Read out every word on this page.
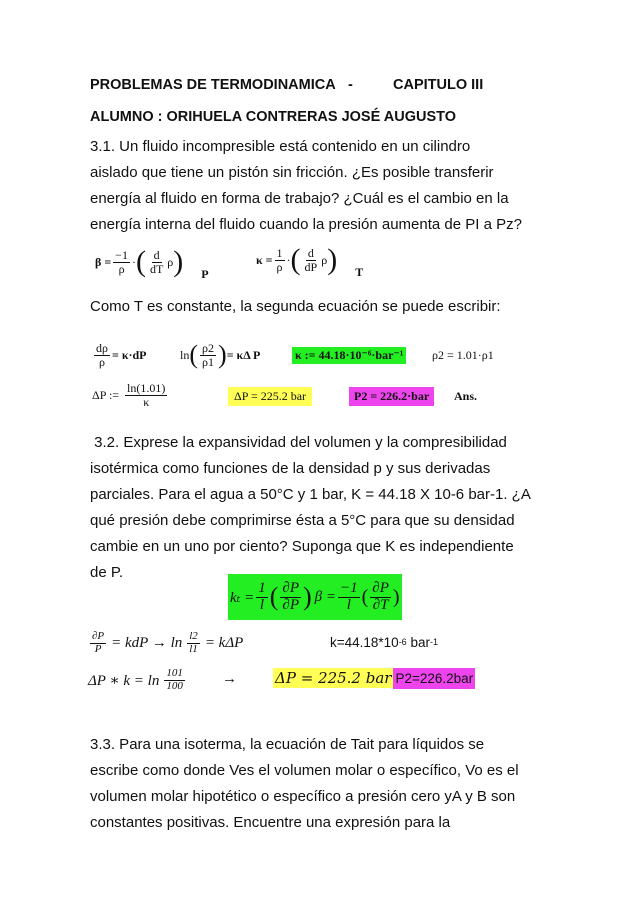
PROBLEMAS DE TERMODINAMICA -	CAPITULO III
ALUMNO : ORIHUELA CONTRERAS JOSÉ AUGUSTO
3.1. Un fluido incompresible está contenido en un cilindro
aislado que tiene un pistón sin fricción. ¿Es posible transferir
energía al fluido en forma de trabajo? ¿Cuál es el cambio en la
energía interna del fluido cuando la presión aumenta de PI a Pz?
$\beta = \frac{-1}{\rho}$ · ( $\frac{d}{dT}$ ρ ) P
$\kappa = \frac{1}{\rho}$ · ( $\frac{d}{dP}$ ρ ) T
Como T es constante, la segunda ecuación se puede escribir:
$\frac{d\rho}{\rho} = \kappa\cdot dP$	ln ( $\frac{\rho 2}{\rho 1}$ ) = κΔ P	κ := 44.18·10⁻⁶·bar⁻¹ ρ2 = 1.01·ρ1
ΔP := $\frac{\ln(1.01)}{\kappa}$	ΔP = 225.2 bar	P2 = 226.2·bar	Ans.
3.2. Exprese la expansividad del volumen y la compresibilidad
isotérmica como funciones de la densidad p y sus derivadas
parciales. Para el agua a 50°C y 1 bar, K = 44.18 X 10-6 bar-1. ¿A
qué presión debe comprimirse ésta a 5°C para que su densidad
cambie en un uno por ciento? Suponga que K es independiente
de P.
$k_t = \frac{1}{l}$ ( $\frac{\partial P}{\partial P}$ ) $\beta = \frac{-1}{l}$ ( $\frac{\partial P}{\partial T}$ )
$\frac{\partial P}{P}$ = kdP → $\ln \frac{l2}{l1} = k\Delta P$	k=44.18*10 -6 bar -1
ΔP ∗ $k = \ln \frac{101}{100}$ →	ΔP = 225.2 bar P2=226.2bar
3.3. Para una isoterma, la ecuación de Tait para líquidos se
escribe como donde Ves el volumen molar o específico, Vo es el
volumen molar hipotético o específico a presión cero yA y B son
constantes positivas. Encuentre una expresión para la
